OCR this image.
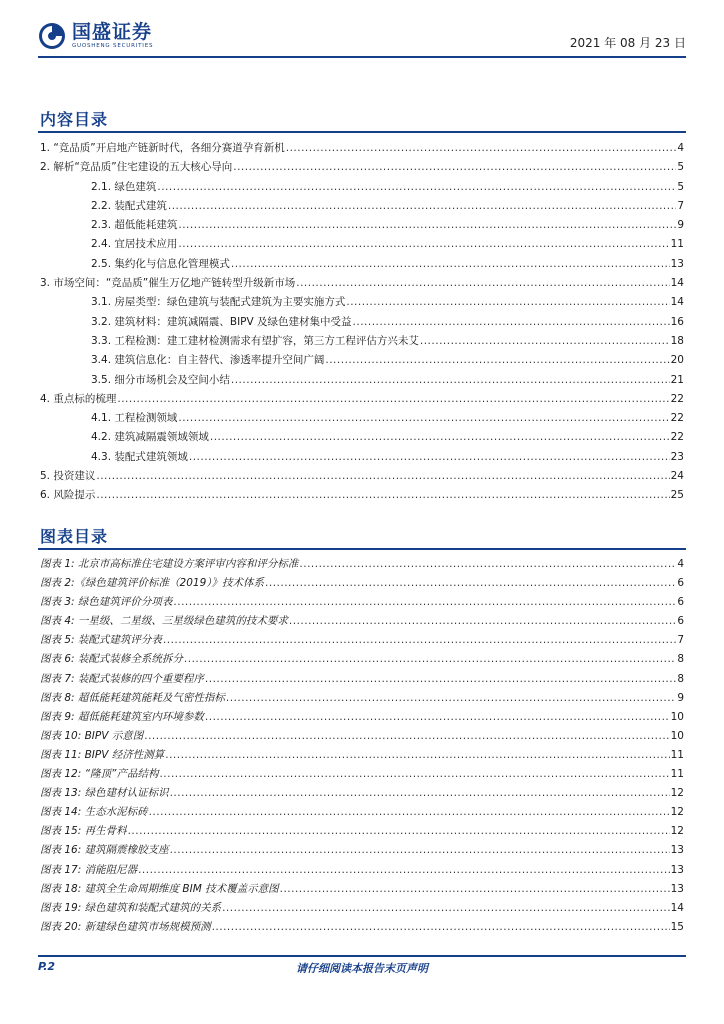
国盛证券
GUOSHENG SECURITIES	2021 年 08 月 23 日
内容目录
1. “竞品质”开启地产链新时代，各细分赛道孕育新机 .....	4
2. 解析“竞品质”住宅建设的五大核心导向 .....	5
2.1. 绿色建筑 .....	5
2.2. 装配式建筑 .....	7
2.3. 超低能耗建筑 .....	9
2.4. 宜居技术应用 .....	11
2.5. 集约化与信息化管理模式 .....	13
3. 市场空间：“竞品质”催生万亿地产链转型升级新市场 .....	14
3.1. 房屋类型：绿色建筑与装配式建筑为主要实施方式 .....	14
3.2. 建筑材料：建筑减隔震、BIPV 及绿色建材集中受益 .....	16
3.3. 工程检测：建工建材检测需求有望扩容，第三方工程评估方兴未艾 .....	18
3.4. 建筑信息化：自主替代、渗透率提升空间广阔 .....	20
3.5. 细分市场机会及空间小结 .....	21
4. 重点标的梳理 .....	22
4.1. 工程检测领域 .....	22
4.2. 建筑减隔震领域领域 .....	22
4.3. 装配式建筑领域 .....	23
5. 投资建议 .....	24
6. 风险提示 .....	25
图表目录
图表 1: 北京市高标准住宅建设方案评审内容和评分标准 .....	4
图表 2:《绿色建筑评价标准（2019）》技术体系 .....	6
图表 3: 绿色建筑评价分项表 .....	6
图表 4: 一星级、二星级、三星级绿色建筑的技术要求 .....	6
图表 5: 装配式建筑评分表 .....	7
图表 6: 装配式装修全系统拆分 .....	8
图表 7: 装配式装修的四个重要程序 .....	8
图表 8: 超低能耗建筑能耗及气密性指标 .....	9
图表 9: 超低能耗建筑室内环境参数 .....	10
图表 10: BIPV 示意图 .....	10
图表 11: BIPV 经济性测算 .....	11
图表 12: “隆顶”产品结构 .....	11
图表 13: 绿色建材认证标识 .....	12
图表 14: 生态水泥标砖 .....	12
图表 15: 再生骨料 .....	12
图表 16: 建筑隔震橡胶支座 .....	13
图表 17: 消能阻尼器 .....	13
图表 18: 建筑全生命周期维度 BIM 技术覆盖示意图 .....	13
图表 19: 绿色建筑和装配式建筑的关系 .....	14
图表 20: 新建绿色建筑市场规模预测 .....	15
P.2	请仔细阅读本报告末页声明
